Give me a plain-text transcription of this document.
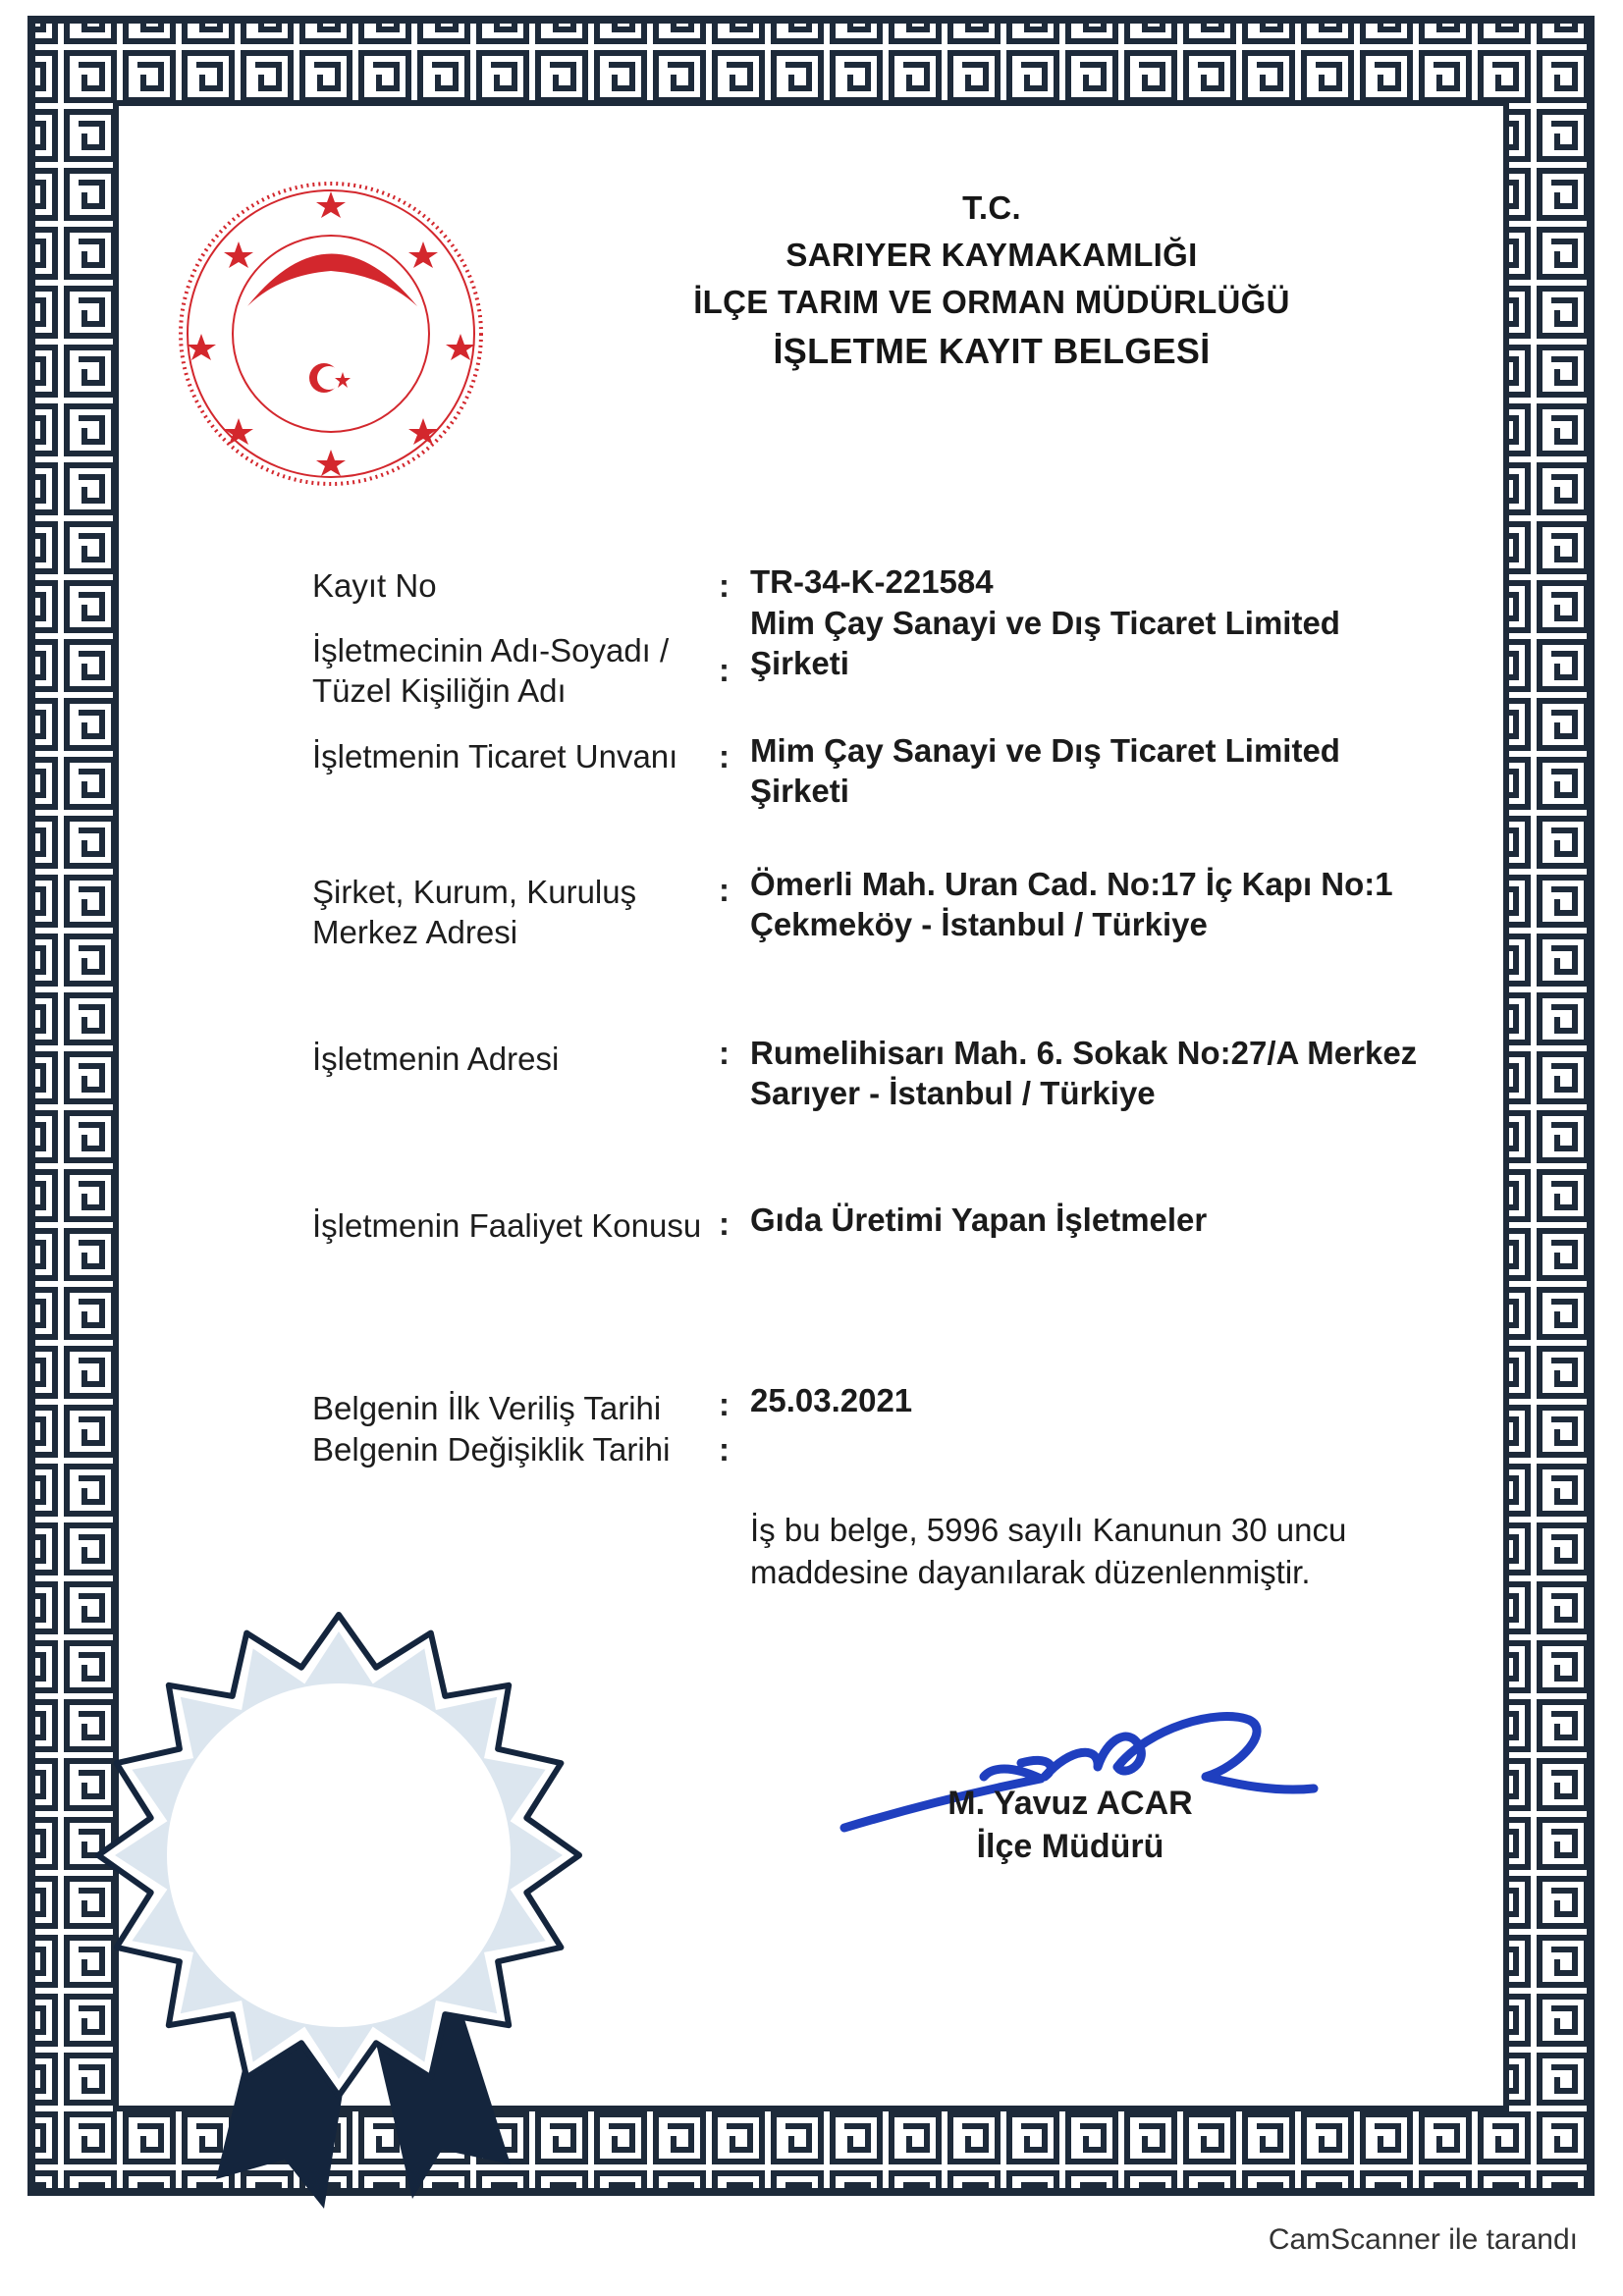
T.C.
SARIYER KAYMAKAMLIĞI
İLÇE TARIM VE ORMAN MÜDÜRLÜĞÜ
İŞLETME KAYIT BELGESİ
Kayıt No	: TR-34-K-221584
İşletmecinin Adı-Soyadı /
Tüzel Kişiliğin Adı
:
Mim Çay Sanayi ve Dış Ticaret Limited
Şirketi
İşletmenin Ticaret Unvanı	: Mim Çay Sanayi ve Dış Ticaret Limited
Şirketi
Şirket, Kurum, Kuruluş
Merkez Adresi
: Ömerli Mah. Uran Cad. No:17 İç Kapı No:1
Çekmeköy - İstanbul / Türkiye
İşletmenin Adresi	: Rumelihisarı Mah. 6. Sokak No:27/A Merkez
Sarıyer - İstanbul / Türkiye
İşletmenin Faaliyet Konusu : Gıda Üretimi Yapan İşletmeler
Belgenin İlk Veriliş Tarihi	: 25.03.2021
Belgenin Değişiklik Tarihi	:
İş bu belge, 5996 sayılı Kanunun 30 uncu
maddesine dayanılarak düzenlenmiştir.
M. Yavuz ACAR
İlçe Müdürü
CamScanner ile tarandı
